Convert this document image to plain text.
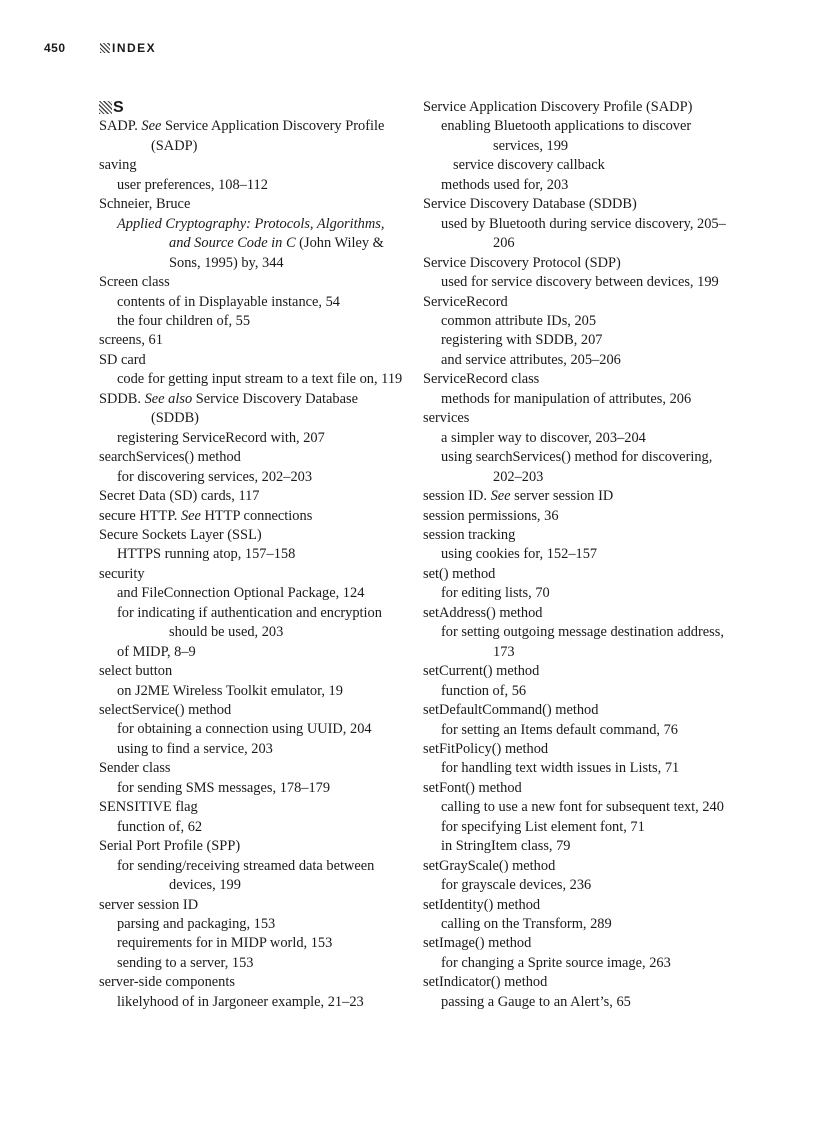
450	INDEX
S
SADP. See Service Application Discovery Profile (SADP)
saving
user preferences, 108–112
Schneier, Bruce
Applied Cryptography: Protocols, Algorithms, and Source Code in C (John Wiley & Sons, 1995) by, 344
Screen class
contents of in Displayable instance, 54
the four children of, 55
screens, 61
SD card
code for getting input stream to a text file on, 119
SDDB. See also Service Discovery Database (SDDB)
registering ServiceRecord with, 207
searchServices() method
for discovering services, 202–203
Secret Data (SD) cards, 117
secure HTTP. See HTTP connections
Secure Sockets Layer (SSL)
HTTPS running atop, 157–158
security
and FileConnection Optional Package, 124
for indicating if authentication and encryption should be used, 203
of MIDP, 8–9
select button
on J2ME Wireless Toolkit emulator, 19
selectService() method
for obtaining a connection using UUID, 204
using to find a service, 203
Sender class
for sending SMS messages, 178–179
SENSITIVE flag
function of, 62
Serial Port Profile (SPP)
for sending/receiving streamed data between devices, 199
server session ID
parsing and packaging, 153
requirements for in MIDP world, 153
sending to a server, 153
server-side components
likelyhood of in Jargoneer example, 21–23
Service Application Discovery Profile (SADP)
enabling Bluetooth applications to discover services, 199
service discovery callback
methods used for, 203
Service Discovery Database (SDDB)
used by Bluetooth during service discovery, 205–206
Service Discovery Protocol (SDP)
used for service discovery between devices, 199
ServiceRecord
common attribute IDs, 205
registering with SDDB, 207
and service attributes, 205–206
ServiceRecord class
methods for manipulation of attributes, 206
services
a simpler way to discover, 203–204
using searchServices() method for discovering, 202–203
session ID. See server session ID
session permissions, 36
session tracking
using cookies for, 152–157
set() method
for editing lists, 70
setAddress() method
for setting outgoing message destination address, 173
setCurrent() method
function of, 56
setDefaultCommand() method
for setting an Items default command, 76
setFitPolicy() method
for handling text width issues in Lists, 71
setFont() method
calling to use a new font for subsequent text, 240
for specifying List element font, 71
in StringItem class, 79
setGrayScale() method
for grayscale devices, 236
setIdentity() method
calling on the Transform, 289
setImage() method
for changing a Sprite source image, 263
setIndicator() method
passing a Gauge to an Alert’s, 65
